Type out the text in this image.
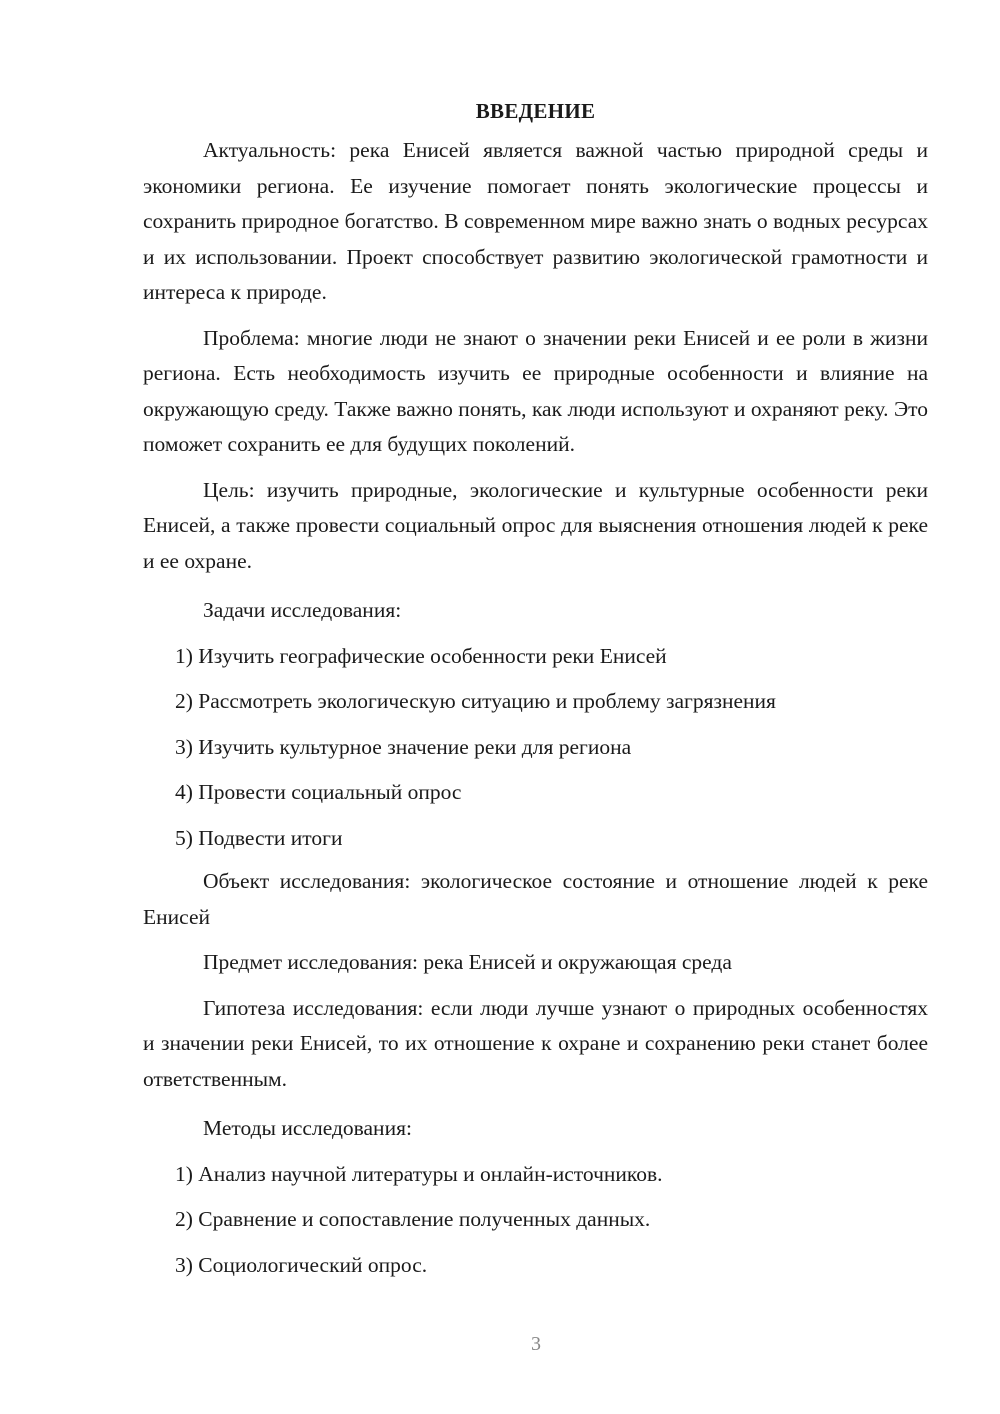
ВВЕДЕНИЕ

Актуальность: река Енисей является важной частью природной среды и экономики региона. Ее изучение помогает понять экологические процессы и сохранить природное богатство. В современном мире важно знать о водных ресурсах и их использовании. Проект способствует развитию экологической грамотности и интереса к природе.

Проблема: многие люди не знают о значении реки Енисей и ее роли в жизни региона. Есть необходимость изучить ее природные особенности и влияние на окружающую среду. Также важно понять, как люди используют и охраняют реку. Это поможет сохранить ее для будущих поколений.

Цель: изучить природные, экологические и культурные особенности реки Енисей, а также провести социальный опрос для выяснения отношения людей к реке и ее охране.

Задачи исследования:

1) Изучить географические особенности реки Енисей
2) Рассмотреть экологическую ситуацию и проблему загрязнения
3) Изучить культурное значение реки для региона
4) Провести социальный опрос
5) Подвести итоги

Объект исследования: экологическое состояние и отношение людей к реке Енисей

Предмет исследования: река Енисей и окружающая среда

Гипотеза исследования: если люди лучше узнают о природных особенностях и значении реки Енисей, то их отношение к охране и сохранению реки станет более ответственным.

Методы исследования:

1) Анализ научной литературы и онлайн-источников.
2) Сравнение и сопоставление полученных данных.
3) Социологический опрос.
3
